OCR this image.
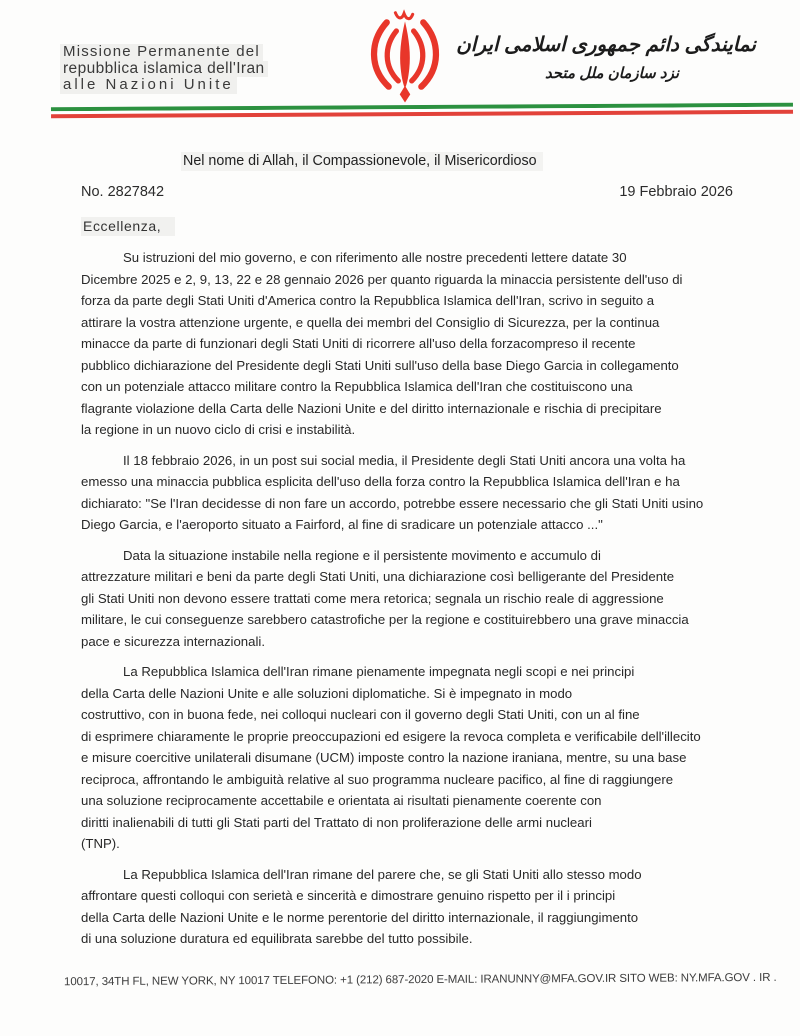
Missione Permanente del
repubblica islamica dell'Iran
alle Nazioni Unite
نمایندگی دائم جمهوری اسلامی ایران
نزد سازمان ملل متحد
Nel nome di Allah, il Compassionevole, il Misericordioso
No. 2827842	19 Febbraio 2026
Eccellenza,

Su istruzioni del mio governo, e con riferimento alle nostre precedenti lettere datate 30
Dicembre 2025 e 2, 9, 13, 22 e 28 gennaio 2026 per quanto riguarda la minaccia persistente dell'uso di
forza da parte degli Stati Uniti d'America contro la Repubblica Islamica dell'Iran, scrivo in seguito a
attirare la vostra attenzione urgente, e quella dei membri del Consiglio di Sicurezza, per la continua
minacce da parte di funzionari degli Stati Uniti di ricorrere all'uso della forzacompreso il recente
pubblico dichiarazione del Presidente degli Stati Uniti sull'uso della base Diego Garcia in collegamento
con un potenziale attacco militare contro la Repubblica Islamica dell'Iran che costituiscono una
flagrante violazione della Carta delle Nazioni Unite e del diritto internazionale e rischia di precipitare
la regione in un nuovo ciclo di crisi e instabilità.

Il 18 febbraio 2026, in un post sui social media, il Presidente degli Stati Uniti ancora una volta ha
emesso una minaccia pubblica esplicita dell'uso della forza contro la Repubblica Islamica dell'Iran e ha
dichiarato: "Se l'Iran decidesse di non fare un accordo, potrebbe essere necessario che gli Stati Uniti usino
Diego Garcia, e l'aeroporto situato a Fairford, al fine di sradicare un potenziale attacco ..."

Data la situazione instabile nella regione e il persistente movimento e accumulo di
attrezzature militari e beni da parte degli Stati Uniti, una dichiarazione così belligerante del Presidente
gli Stati Uniti non devono essere trattati come mera retorica; segnala un rischio reale di aggressione
militare, le cui conseguenze sarebbero catastrofiche per la regione e costituirebbero una grave minaccia
pace e sicurezza internazionali.

La Repubblica Islamica dell'Iran rimane pienamente impegnata negli scopi e nei principi
della Carta delle Nazioni Unite e alle soluzioni diplomatiche. Si è impegnato in modo
costruttivo, con in buona fede, nei colloqui nucleari con il governo degli Stati Uniti, con un al fine
di esprimere chiaramente le proprie preoccupazioni ed esigere la revoca completa e verificabile dell'illecito
e misure coercitive unilaterali disumane (UCM) imposte contro la nazione iraniana, mentre, su una base
reciproca, affrontando le ambiguità relative al suo programma nucleare pacifico, al fine di raggiungere
una soluzione reciprocamente accettabile e orientata ai risultati pienamente coerente con
diritti inalienabili di tutti gli Stati parti del Trattato di non proliferazione delle armi nucleari
(TNP).

La Repubblica Islamica dell'Iran rimane del parere che, se gli Stati Uniti allo stesso modo
affrontare questi colloqui con serietà e sincerità e dimostrare genuino rispetto per il i principi
della Carta delle Nazioni Unite e le norme perentorie del diritto internazionale, il raggiungimento
di una soluzione duratura ed equilibrata sarebbe del tutto possibile.

10017, 34TH FL, NEW YORK, NY 10017 TELEFONO: +1 (212) 687-2020 E-MAIL: IRANUNNY@MFA.GOV.IR SITO WEB: NY.MFA.GOV . IR .
